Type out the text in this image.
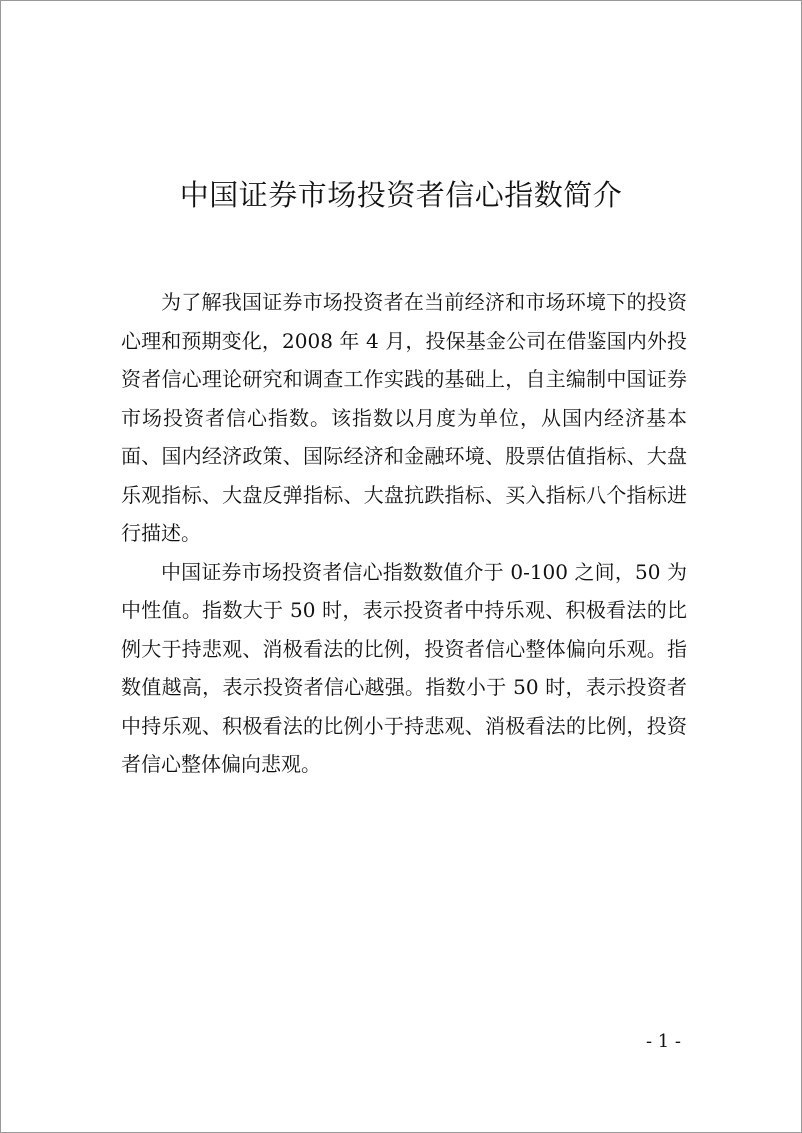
中国证券市场投资者信心指数简介

为了解我国证券市场投资者在当前经济和市场环境下的投资心理和预期变化，2008 年 4 月，投保基金公司在借鉴国内外投资者信心理论研究和调查工作实践的基础上，自主编制中国证券市场投资者信心指数。该指数以月度为单位，从国内经济基本面、国内经济政策、国际经济和金融环境、股票估值指标、大盘乐观指标、大盘反弹指标、大盘抗跌指标、买入指标八个指标进行描述。

中国证券市场投资者信心指数数值介于 0-100 之间，50 为中性值。指数大于 50 时，表示投资者中持乐观、积极看法的比例大于持悲观、消极看法的比例，投资者信心整体偏向乐观。指数值越高，表示投资者信心越强。指数小于 50 时，表示投资者中持乐观、积极看法的比例小于持悲观、消极看法的比例，投资者信心整体偏向悲观。

- 1 -
